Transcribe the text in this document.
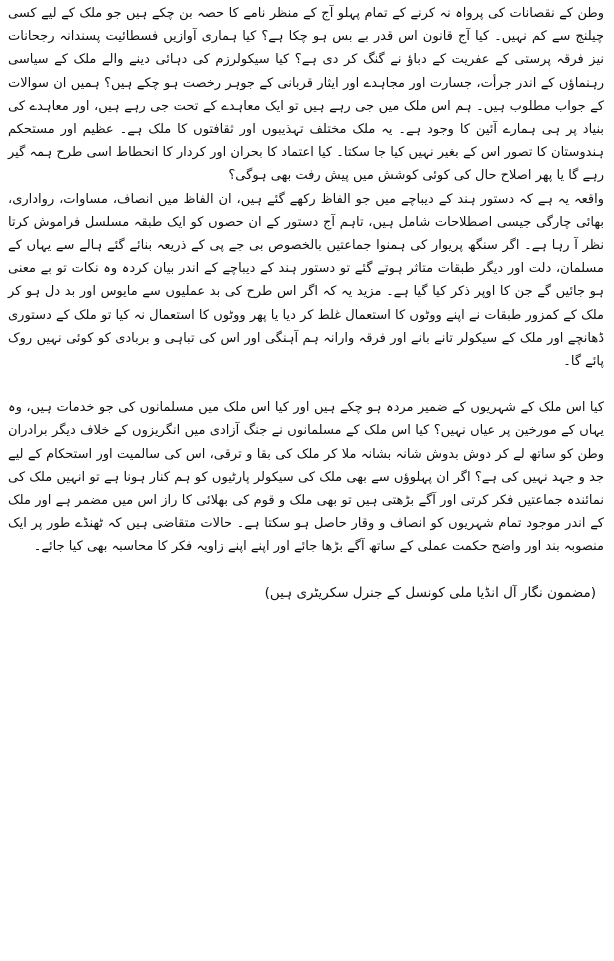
وطن کے نقصانات کی پرواہ نہ کرنے کے تمام پہلو آج کے منظر نامے کا حصہ بن چکے ہیں جو ملک کے لیے کسی چیلنج سے کم نہیں۔ کیا آج قانون اس قدر بے بس ہو چکا ہے؟ کیا ہماری آوازیں فسطائیت پسندانہ رجحانات نیز فرقہ پرستی کے عفریت کے دباؤ نے گنگ کر دی ہے؟ کیا سیکولرزم کی دہائی دینے والے ملک کے سیاسی رہنماؤں کے اندر جرأت، جسارت اور مجاہدے اور ایثار قربانی کے جوہر رخصت ہو چکے ہیں؟ ہمیں ان سوالات کے جواب مطلوب ہیں۔ ہم اس ملک میں جی رہے ہیں تو ایک معاہدے کے تحت جی رہے ہیں، اور معاہدے کی بنیاد پر ہی ہمارے آئین کا وجود ہے۔ یہ ملک مختلف تہذیبوں اور ثقافتوں کا ملک ہے۔ عظیم اور مستحکم ہندوستان کا تصور اس کے بغیر نہیں کیا جا سکتا۔ کیا اعتماد کا بحران اور کردار کا انحطاط اسی طرح ہمہ گیر رہے گا یا پھر اصلاح حال کی کوئی کوشش میں پیش رفت بھی ہوگی؟

واقعہ یہ ہے کہ دستور ہند کے دیباچے میں جو الفاظ رکھے گئے ہیں، ان الفاظ میں انصاف، مساوات، رواداری، بھائی چارگی جیسی اصطلاحات شامل ہیں، تاہم آج دستور کے ان حصوں کو ایک طبقہ مسلسل فراموش کرتا نظر آ رہا ہے۔ اگر سنگھ پریوار کی ہمنوا جماعتیں بالخصوص بی جے پی کے ذریعہ بنائے گئے ہالے سے یہاں کے مسلمان، دلت اور دیگر طبقات متاثر ہوتے گئے تو دستور ہند کے دیباچے کے اندر بیان کردہ وہ نکات تو بے معنی ہو جائیں گے جن کا اوپر ذکر کیا گیا ہے۔ مزید یہ کہ اگر اس طرح کی بد عملیوں سے مایوس اور بد دل ہو کر ملک کے کمزور طبقات نے اپنے ووٹوں کا استعمال غلط کر دیا یا پھر ووٹوں کا استعمال نہ کیا تو ملک کے دستوری ڈھانچے اور ملک کے سیکولر تانے بانے اور فرقہ وارانہ ہم آہنگی اور اس کی تباہی و بربادی کو کوئی نہیں روک پائے گا۔

کیا اس ملک کے شہریوں کے ضمیر مردہ ہو چکے ہیں اور کیا اس ملک میں مسلمانوں کی جو خدمات ہیں، وہ یہاں کے مورخین پر عیاں نہیں؟ کیا اس ملک کے مسلمانوں نے جنگ آزادی میں انگریزوں کے خلاف دیگر برادران وطن کو ساتھ لے کر دوش بدوش شانہ بشانہ ملا کر ملک کی بقا و ترقی، اس کی سالمیت اور استحکام کے لیے جد و جہد نہیں کی ہے؟ اگر ان پہلوؤں سے بھی ملک کی سیکولر پارٹیوں کو ہم کنار ہونا ہے تو انہیں ملک کی نمائندہ جماعتیں فکر کرتی اور آگے بڑھتی ہیں تو بھی ملک و قوم کی بھلائی کا راز اس میں مضمر ہے اور ملک کے اندر موجود تمام شہریوں کو انصاف و وقار حاصل ہو سکتا ہے۔ حالات متقاضی ہیں کہ ٹھنڈے طور پر ایک منصوبہ بند اور واضح حکمت عملی کے ساتھ آگے بڑھا جائے اور اپنے اپنے زاویہ فکر کا محاسبہ بھی کیا جائے۔

(مضمون نگار آل انڈیا ملی کونسل کے جنرل سکریٹری ہیں)
